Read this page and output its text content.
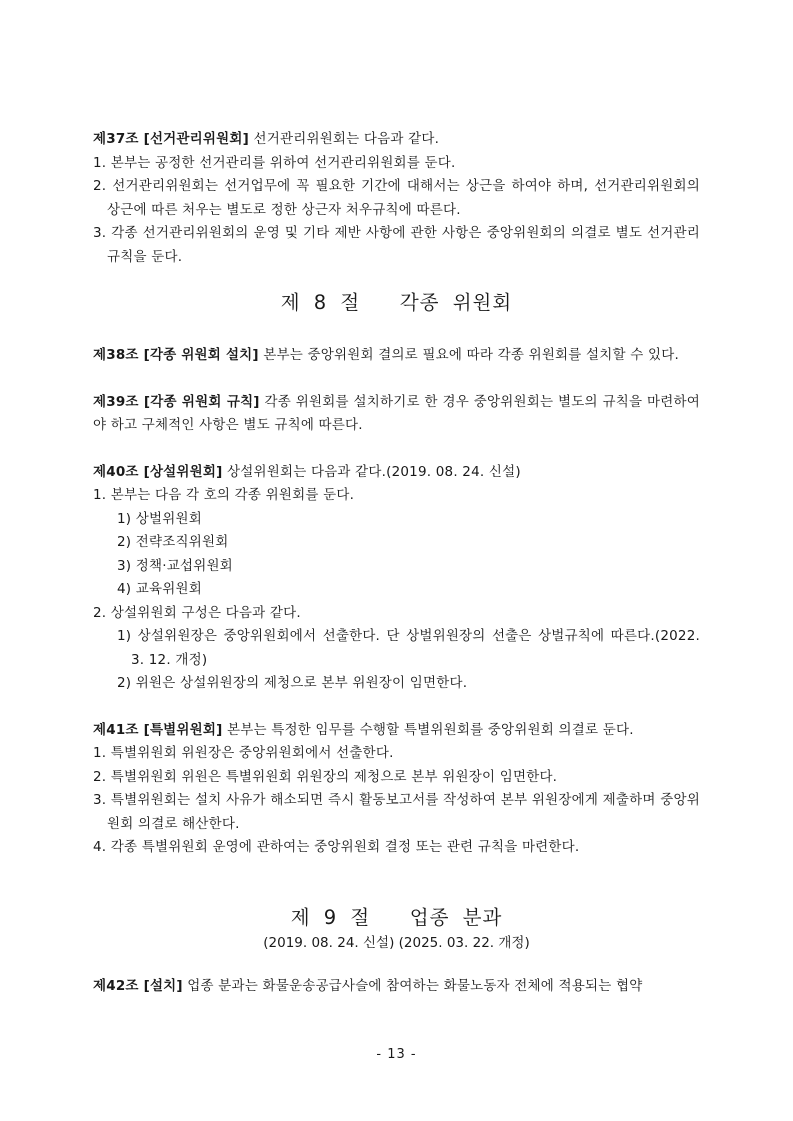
제37조 [선거관리위원회] 선거관리위원회는 다음과 같다.

1. 본부는 공정한 선거관리를 위하여 선거관리위원회를 둔다.

2. 선거관리위원회는 선거업무에 꼭 필요한 기간에 대해서는 상근을 하여야 하며, 선거관리위원회의 상근에 따른 처우는 별도로 정한 상근자 처우규칙에 따른다.

3. 각종 선거관리위원회의 운영 및 기타 제반 사항에 관한 사항은 중앙위원회의 의결로 별도 선거관리규칙을 둔다.

제 8 절   각종 위원회

제38조 [각종 위원회 설치] 본부는 중앙위원회 결의로 필요에 따라 각종 위원회를 설치할 수 있다.

제39조 [각종 위원회 규칙] 각종 위원회를 설치하기로 한 경우 중앙위원회는 별도의 규칙을 마련하여야 하고 구체적인 사항은 별도 규칙에 따른다.

제40조 [상설위원회] 상설위원회는 다음과 같다.(2019. 08. 24. 신설)

1. 본부는 다음 각 호의 각종 위원회를 둔다.

1) 상벌위원회

2) 전략조직위원회

3) 정책·교섭위원회

4) 교육위원회

2. 상설위원회 구성은 다음과 같다.

1) 상설위원장은 중앙위원회에서 선출한다. 단 상벌위원장의 선출은 상벌규칙에 따른다.(2022. 3. 12. 개정)

2) 위원은 상설위원장의 제청으로 본부 위원장이 임면한다.

제41조 [특별위원회] 본부는 특정한 임무를 수행할 특별위원회를 중앙위원회 의결로 둔다.

1. 특별위원회 위원장은 중앙위원회에서 선출한다.

2. 특별위원회 위원은 특별위원회 위원장의 제청으로 본부 위원장이 임면한다.

3. 특별위원회는 설치 사유가 해소되면 즉시 활동보고서를 작성하여 본부 위원장에게 제출하며 중앙위원회 의결로 해산한다.

4. 각종 특별위원회 운영에 관하여는 중앙위원회 결정 또는 관련 규칙을 마련한다.

제 9 절   업종 분과

(2019. 08. 24. 신설) (2025. 03. 22. 개정)

제42조 [설치] 업종 분과는 화물운송공급사슬에 참여하는 화물노동자 전체에 적용되는 협약

- 13 -
